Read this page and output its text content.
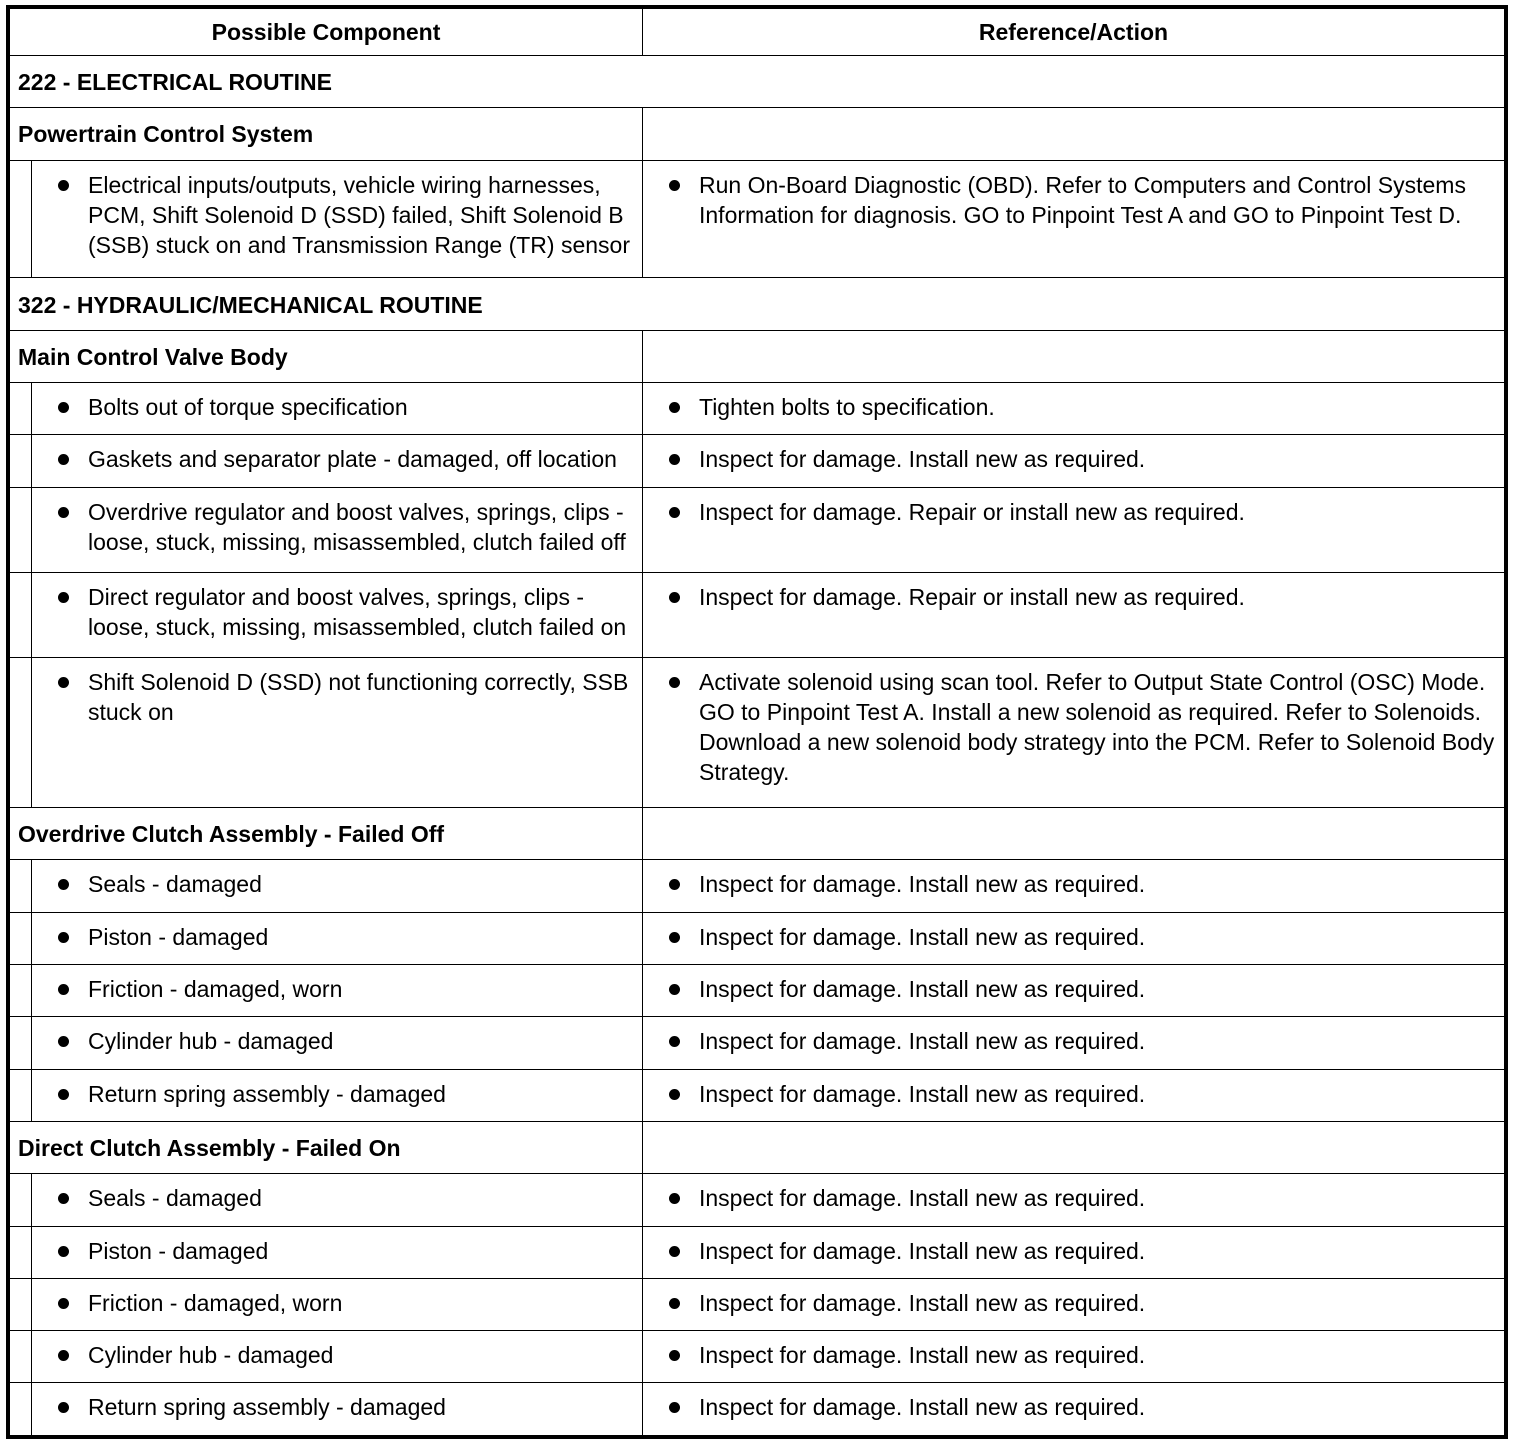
Possible Component		Reference/Action
222 - ELECTRICAL ROUTINE		
Powertrain Control System		

	Electrical inputs/outputs, vehicle wiring harnesses, PCM, Shift Solenoid D (SSD) failed, Shift Solenoid B (SSB) stuck on and Transmission Range (TR) sensor	Run On-Board Diagnostic (OBD). Refer to Computers and Control Systems Information for diagnosis. GO to Pinpoint Test A and GO to Pinpoint Test D.

322 - HYDRAULIC/MECHANICAL ROUTINE		
Main Control Valve Body		

	Bolts out of torque specification	Tighten bolts to specification.

	Gaskets and separator plate - damaged, off location	Inspect for damage. Install new as required.

	Overdrive regulator and boost valves, springs, clips - loose, stuck, missing, misassembled, clutch failed off	Inspect for damage. Repair or install new as required.

	Direct regulator and boost valves, springs, clips - loose, stuck, missing, misassembled, clutch failed on	Inspect for damage. Repair or install new as required.

	Shift Solenoid D (SSD) not functioning correctly, SSB stuck on	Activate solenoid using scan tool. Refer to Output State Control (OSC) Mode. GO to Pinpoint Test A. Install a new solenoid as required. Refer to Solenoids. Download a new solenoid body strategy into the PCM. Refer to Solenoid Body Strategy.

Overdrive Clutch Assembly - Failed Off		

	Seals - damaged	Inspect for damage. Install new as required.

	Piston - damaged	Inspect for damage. Install new as required.

	Friction - damaged, worn	Inspect for damage. Install new as required.

	Cylinder hub - damaged	Inspect for damage. Install new as required.

	Return spring assembly - damaged	Inspect for damage. Install new as required.

Direct Clutch Assembly - Failed On		

	Seals - damaged	Inspect for damage. Install new as required.

	Piston - damaged	Inspect for damage. Install new as required.

	Friction - damaged, worn	Inspect for damage. Install new as required.

	Cylinder hub - damaged	Inspect for damage. Install new as required.

	Return spring assembly - damaged	Inspect for damage. Install new as required.
